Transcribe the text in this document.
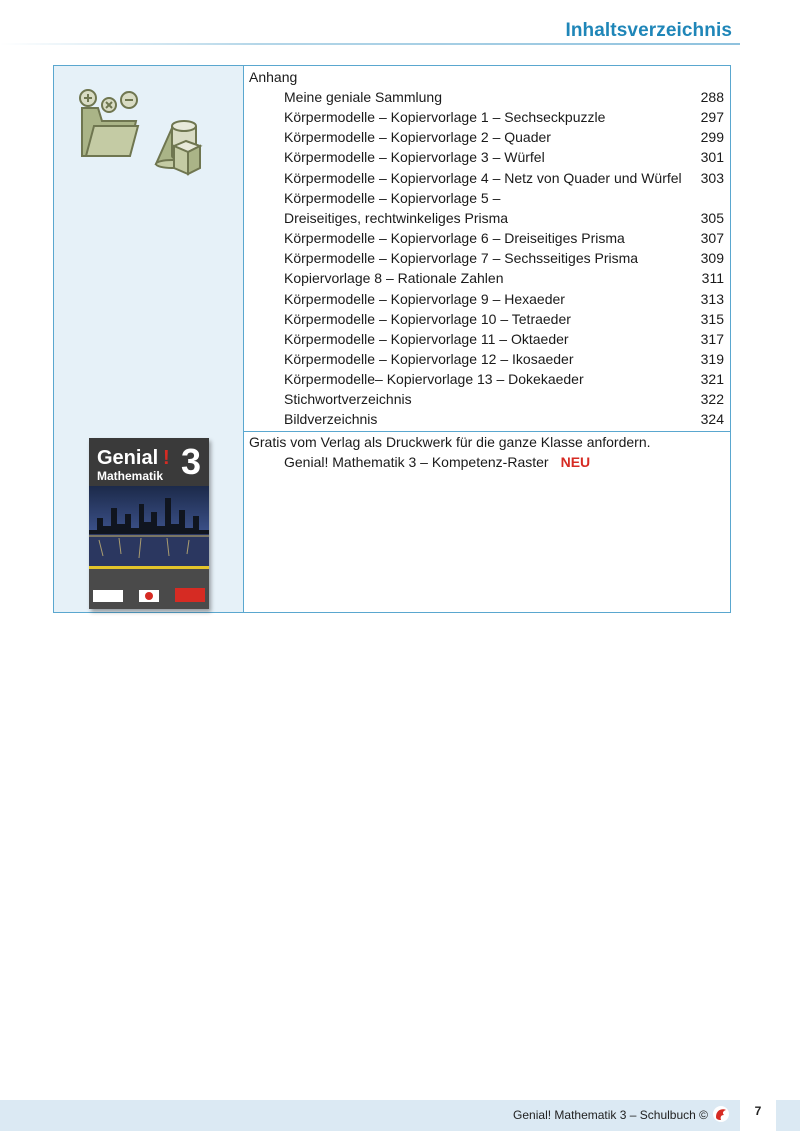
Inhaltsverzeichnis
Anhang
Meine geniale Sammlung	288
Körpermodelle – Kopiervorlage 1 – Sechseckpuzzle	297
Körpermodelle – Kopiervorlage 2 – Quader	299
Körpermodelle – Kopiervorlage 3 – Würfel	301
Körpermodelle – Kopiervorlage 4 – Netz von Quader und Würfel 303
Körpermodelle – Kopiervorlage 5 –
Dreiseitiges, rechtwinkeliges Prisma	305
Körpermodelle – Kopiervorlage 6 – Dreiseitiges Prisma	307
Körpermodelle – Kopiervorlage 7 – Sechsseitiges Prisma	309
Kopiervorlage 8 – Rationale Zahlen	311
Körpermodelle – Kopiervorlage 9 – Hexaeder	313
Körpermodelle – Kopiervorlage 10 – Tetraeder	315
Körpermodelle – Kopiervorlage 11 – Oktaeder	317
Körpermodelle – Kopiervorlage 12 – Ikosaeder	319
Körpermodelle– Kopiervorlage 13 – Dokekaeder	321
Stichwortverzeichnis	322
Bildverzeichnis	324
Genial ! 3
Mathematik
Gratis vom Verlag als Druckwerk für die ganze Klasse anfordern.
Genial! Mathematik 3 – Kompetenz-Raster NEU
Genial! Mathematik 3 – Schulbuch ©	7
